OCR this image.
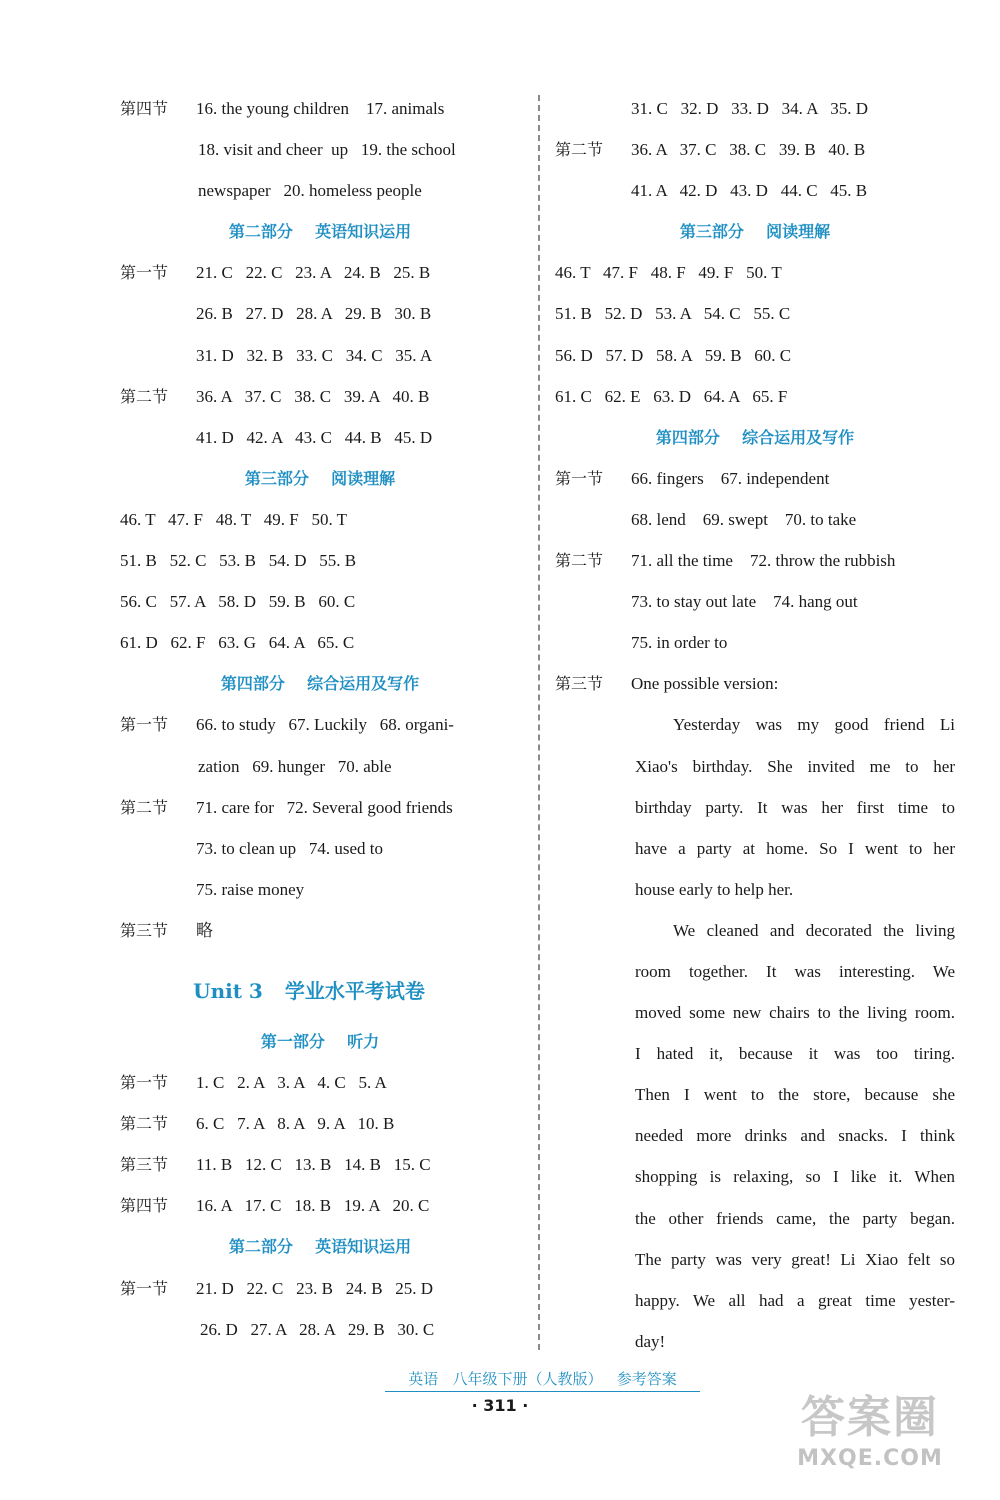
第四节 16. the young children    17. animals
18. visit and cheer  up   19. the school
newspaper   20. homeless people
第二部分    英语知识运用
第一节 21. C   22. C   23. A   24. B   25. B
26. B   27. D   28. A   29. B   30. B
31. D   32. B   33. C   34. C   35. A
第二节 36. A   37. C   38. C   39. A   40. B
41. D   42. A   43. C   44. B   45. D
第三部分    阅读理解
46. T   47. F   48. T   49. F   50. T
51. B   52. C   53. B   54. D   55. B
56. C   57. A   58. D   59. B   60. C
61. D   62. F   63. G   64. A   65. C
第四部分    综合运用及写作
第一节 66. to study   67. Luckily   68. organi-
zation   69. hunger   70. able
第二节 71. care for   72. Several good friends
73. to clean up   74. used to
75. raise money
第三节 略
Unit 3 学业水平考试卷
第一部分    听力
第一节 1. C   2. A   3. A   4. C   5. A
第二节 6. C   7. A   8. A   9. A   10. B
第三节 11. B   12. C   13. B   14. B   15. C
第四节 16. A   17. C   18. B   19. A   20. C
第二部分    英语知识运用
第一节 21. D   22. C   23. B   24. B   25. D
26. D   27. A   28. A   29. B   30. C
31. C   32. D   33. D   34. A   35. D
第二节 36. A   37. C   38. C   39. B   40. B
41. A   42. D   43. D   44. C   45. B
第三部分    阅读理解
46. T   47. F   48. F   49. F   50. T
51. B   52. D   53. A   54. C   55. C
56. D   57. D   58. A   59. B   60. C
61. C   62. E   63. D   64. A   65. F
第四部分    综合运用及写作
第一节 66. fingers    67. independent
68. lend    69. swept    70. to take
第二节 71. all the time    72. throw the rubbish
73. to stay out late    74. hang out
75. in order to
第三节 One possible version:
Yesterday was my good friend Li
Xiao's birthday. She invited me to her
birthday party. It was her first time to
have a party at home. So I went to her
house early to help her.
We cleaned and decorated the living
room together. It was interesting. We
moved some new chairs to the living room.
I hated it, because it was too tiring.
Then I went to the store, because she
needed more drinks and snacks. I think
shopping is relaxing, so I like it. When
the other friends came, the party began.
The party was very great! Li Xiao felt so
happy. We all had a great time yester-
day!
英语   八年级下册（人教版）   参考答案
· 311 ·	答案圈
MXQE.COM
